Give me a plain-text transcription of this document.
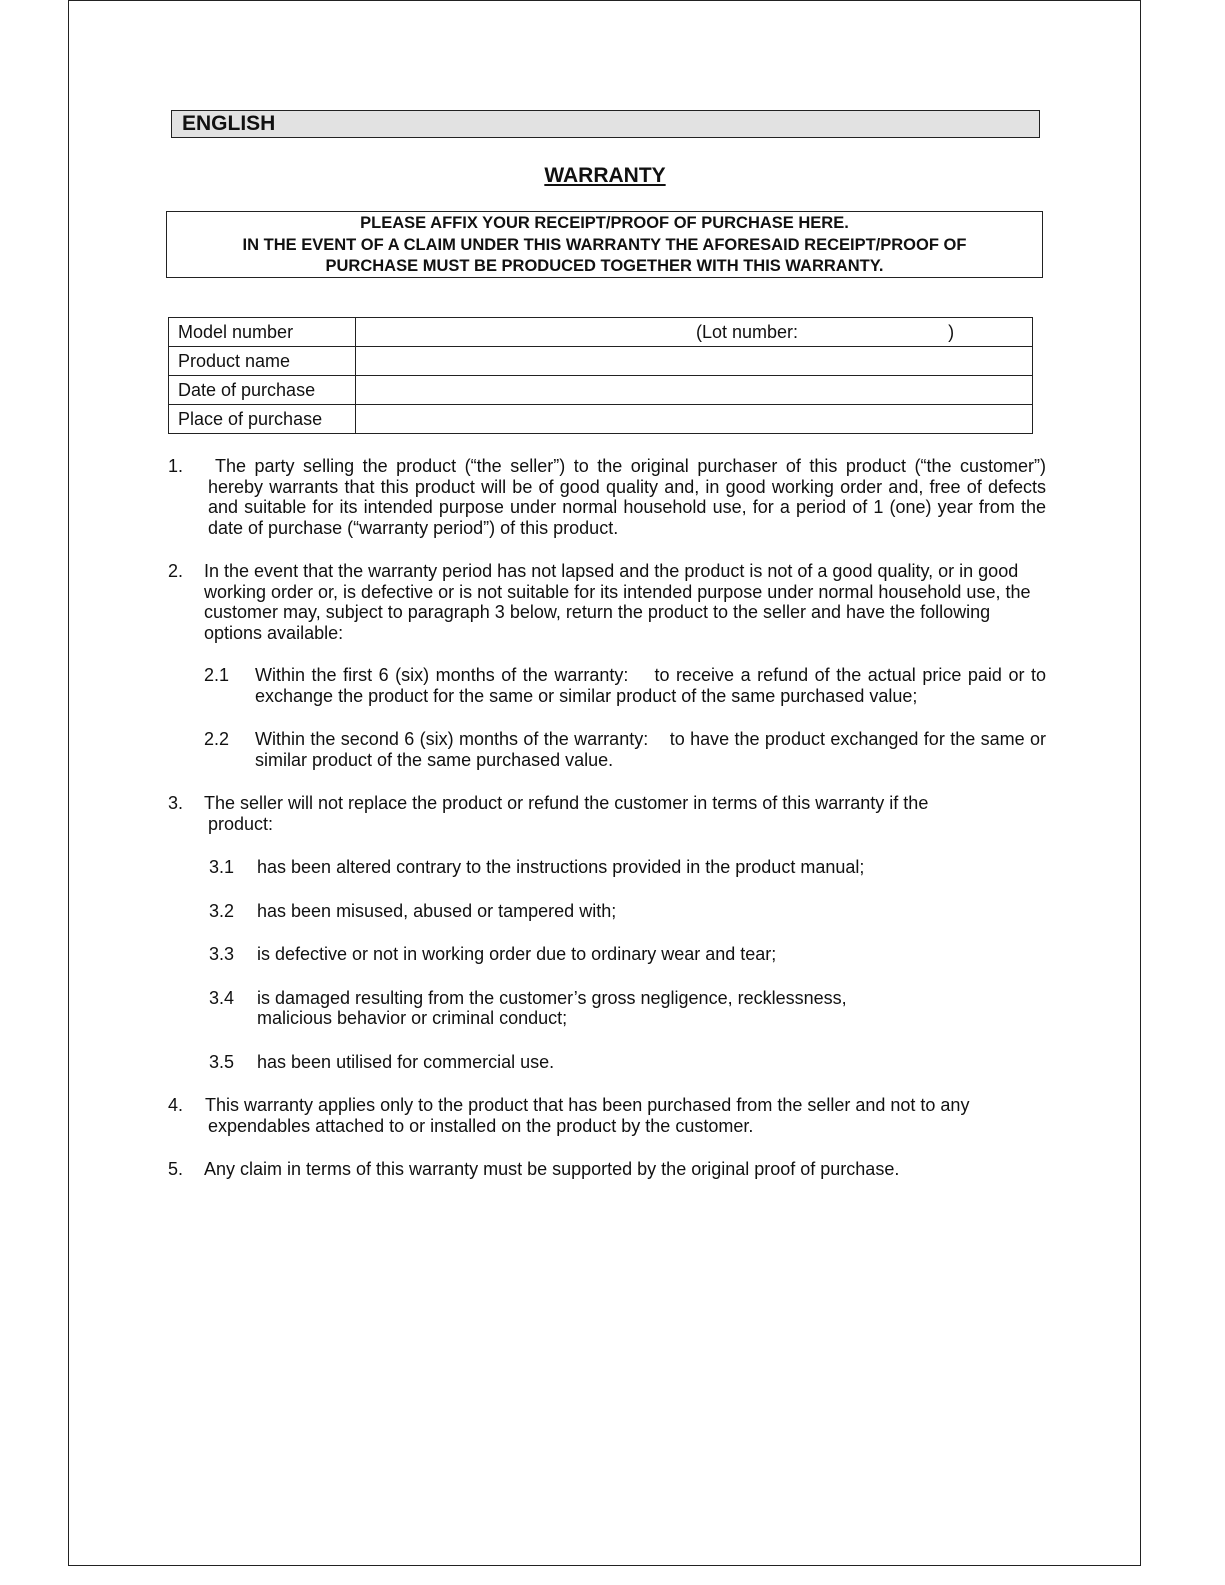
ENGLISH
WARRANTY
PLEASE AFFIX YOUR RECEIPT/PROOF OF PURCHASE HERE.
IN THE EVENT OF A CLAIM UNDER THIS WARRANTY THE AFORESAID RECEIPT/PROOF OF
PURCHASE MUST BE PRODUCED TOGETHER WITH THIS WARRANTY.
Model number	(Lot number: )
Product name	
Date of purchase	
Place of purchase	
1.	The party selling the product (“the seller”) to the original purchaser of this product (“the customer”) hereby warrants that this product will be of good quality and, in good working order and, free of defects and suitable for its intended purpose under normal household use, for a period of 1 (one) year from the date of purchase (“warranty period”) of this product.
2.	In the event that the warranty period has not lapsed and the product is not of a good quality, or in good working order or, is defective or is not suitable for its intended purpose under normal household use, the customer may, subject to paragraph 3 below, return the product to the seller and have the following options available:
2.1	Within the first 6 (six) months of the warranty:    to receive a refund of the actual price paid or to exchange the product for the same or similar product of the same purchased value;
2.2	Within the second 6 (six) months of the warranty:    to have the product exchanged for the same or similar product of the same purchased value.
3.	The seller will not replace the product or refund the customer in terms of this warranty if the product:
3.1	has been altered contrary to the instructions provided in the product manual;
3.2	has been misused, abused or tampered with;
3.3	is defective or not in working order due to ordinary wear and tear;
3.4	is damaged resulting from the customer’s gross negligence, recklessness, malicious behavior or criminal conduct;
3.5	has been utilised for commercial use.
4.	This warranty applies only to the product that has been purchased from the seller and not to any expendables attached to or installed on the product by the customer.
5.	Any claim in terms of this warranty must be supported by the original proof of purchase.
